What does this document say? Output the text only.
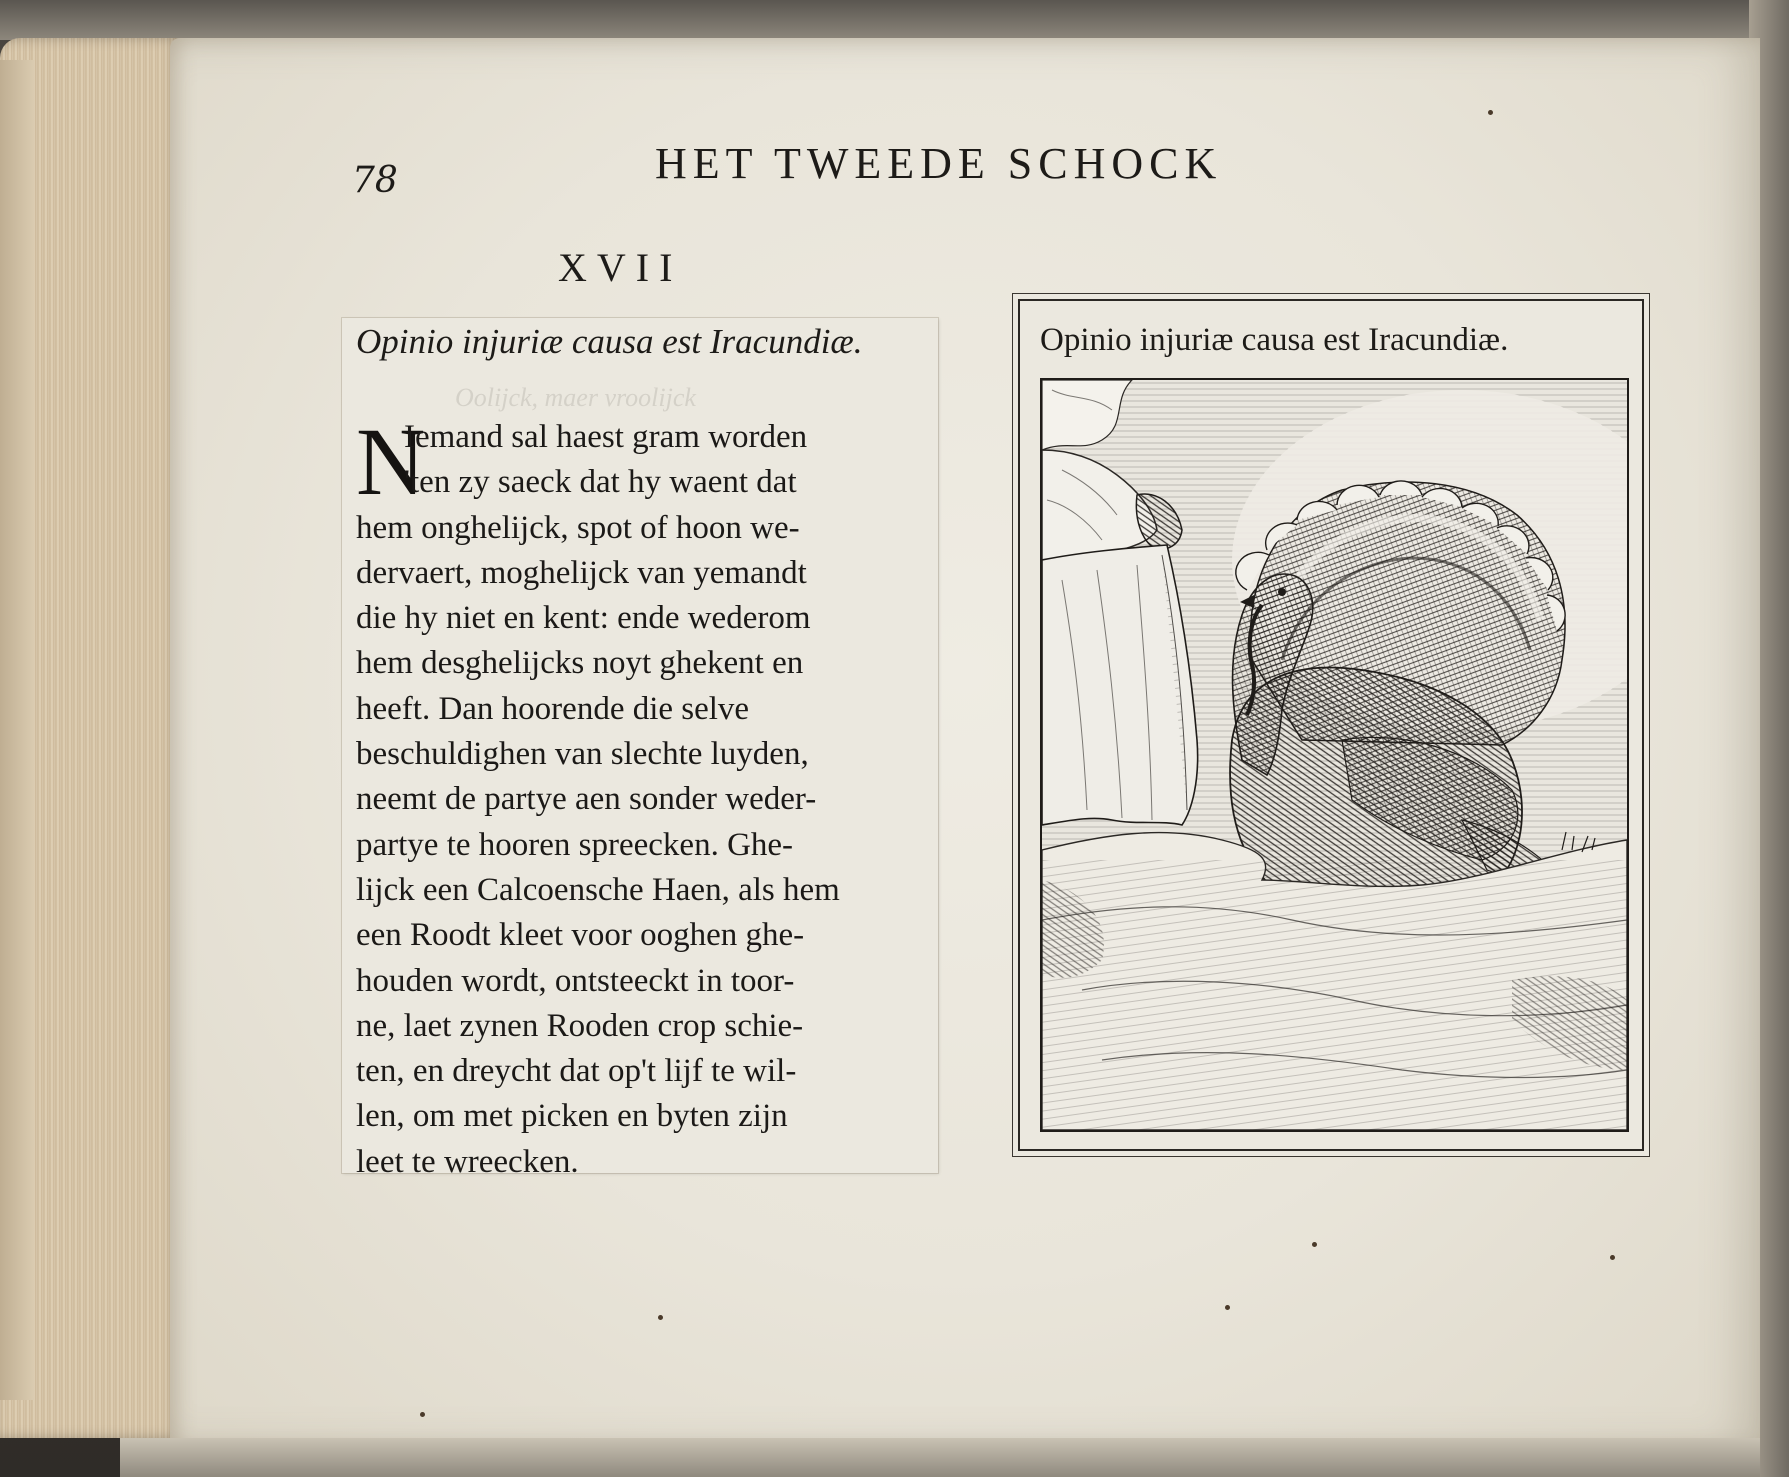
78	HET TWEEDE SCHOCK
XVII
Opinio injuriæ causa est Iracundiæ.
Oolijck, maer vroolijck
N
Iemand sal haest gram worden
'ten zy saeck dat hy waent dat
hem onghelijck, spot of hoon we-
dervaert, moghelijck van yemandt
die hy niet en kent: ende wederom
hem desghelijcks noyt ghekent en
heeft. Dan hoorende die selve
beschuldighen van slechte luyden,
neemt de partye aen sonder weder-
partye te hooren spreecken. Ghe-
lijck een Calcoensche Haen, als hem
een Roodt kleet voor ooghen ghe-
houden wordt, ontsteeckt in toor-
ne, laet zynen Rooden crop schie-
ten, en dreycht dat op't lijf te wil-
len, om met picken en byten zijn
leet te wreecken.
Opinio injuriæ causa est Iracundiæ.
